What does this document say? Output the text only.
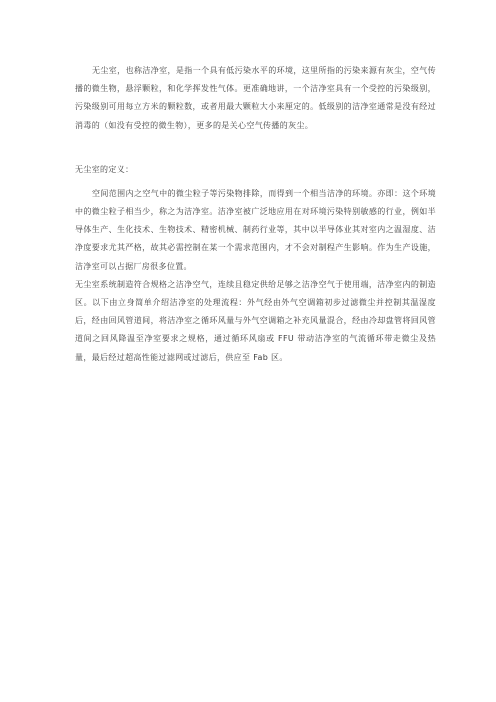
无尘室，也称洁净室，是指一个具有低污染水平的环境，这里所指的污染来源有灰尘，空气传播的微生物，悬浮颗粒，和化学挥发性气体。更准确地讲，一个洁净室具有一个受控的污染级别，污染级别可用每立方米的颗粒数，或者用最大颗粒大小来厘定的。低级别的洁净室通常是没有经过消毒的（如没有受控的微生物），更多的是关心空气传播的灰尘。

无尘室的定义：

空间范围内之空气中的微尘粒子等污染物排除，而得到一个相当洁净的环境。亦即：这个环境中的微尘粒子相当少，称之为洁净室。洁净室被广泛地应用在对环境污染特别敏感的行业，例如半导体生产、生化技术、生物技术、精密机械、制药行业等，其中以半导体业其对室内之温湿度、洁净度要求尤其严格，故其必需控制在某一个需求范围内，才不会对制程产生影响。作为生产设施，洁净室可以占据厂房很多位置。

无尘室系统制造符合规格之洁净空气，连续且稳定供给足够之洁净空气于使用端，洁净室内的制造区。以下由立身简单介绍洁净室的处理流程：外气经由外气空调箱初步过滤微尘并控制其温湿度后，经由回风管道间，将洁净室之循环风量与外气空调箱之补充风量混合，经由冷却盘管将回风管道间之回风降温至净室要求之规格，通过循环风扇或 FFU 带动洁净室的气流循环带走微尘及热量，最后经过超高性能过滤网或过滤后，供应至 Fab 区。
